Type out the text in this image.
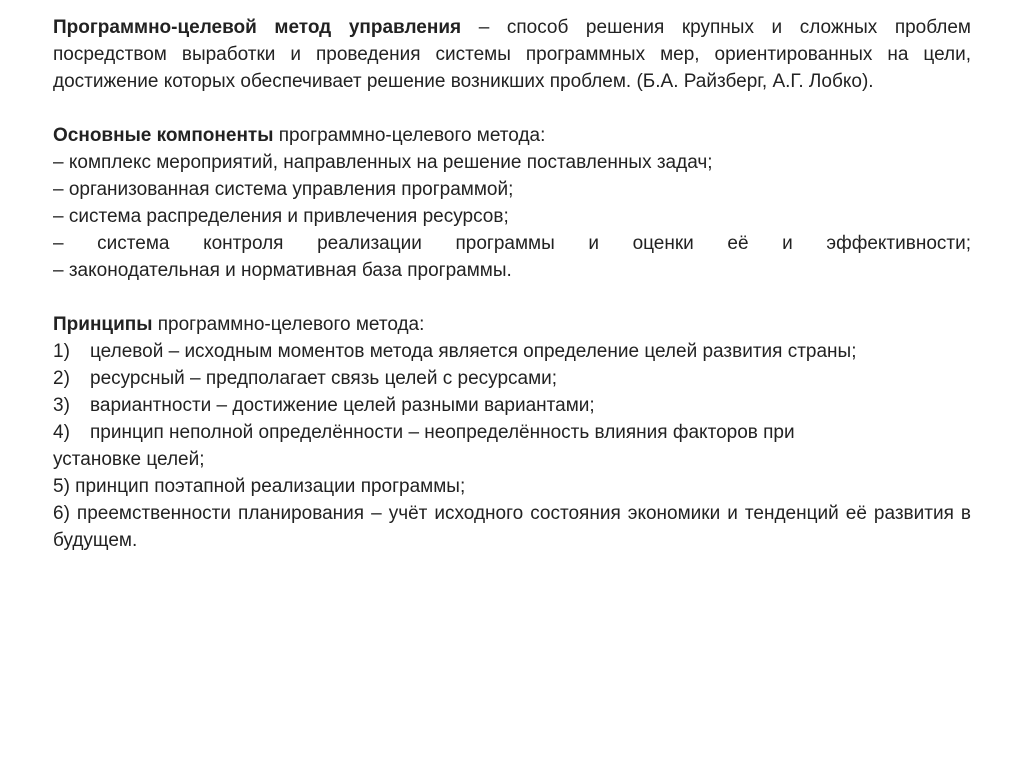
Программно-целевой метод управления – способ решения крупных и сложных проблем посредством выработки и проведения системы программных мер, ориентированных на цели, достижение которых обеспечивает решение возникших проблем. (Б.А. Райзберг, А.Г. Лобко).

Основные компоненты программно-целевого метода:
– комплекс мероприятий, направленных на решение поставленных задач;
– организованная система управления программой;
– система распределения и привлечения ресурсов;
– система контроля реализации программы и оценки её и эффективности;
– законодательная и нормативная база программы.
Принципы программно-целевого метода:
1) целевой – исходным моментов метода является определение целей развития страны;
2) ресурсный – предполагает связь целей с ресурсами;
3) вариантности – достижение целей разными вариантами;
4) принцип неполной определённости – неопределённость влияния факторов при
установке целей;
5) принцип поэтапной реализации программы;

6) преемственности планирования – учёт исходного состояния экономики и тенденций её развития в будущем.
